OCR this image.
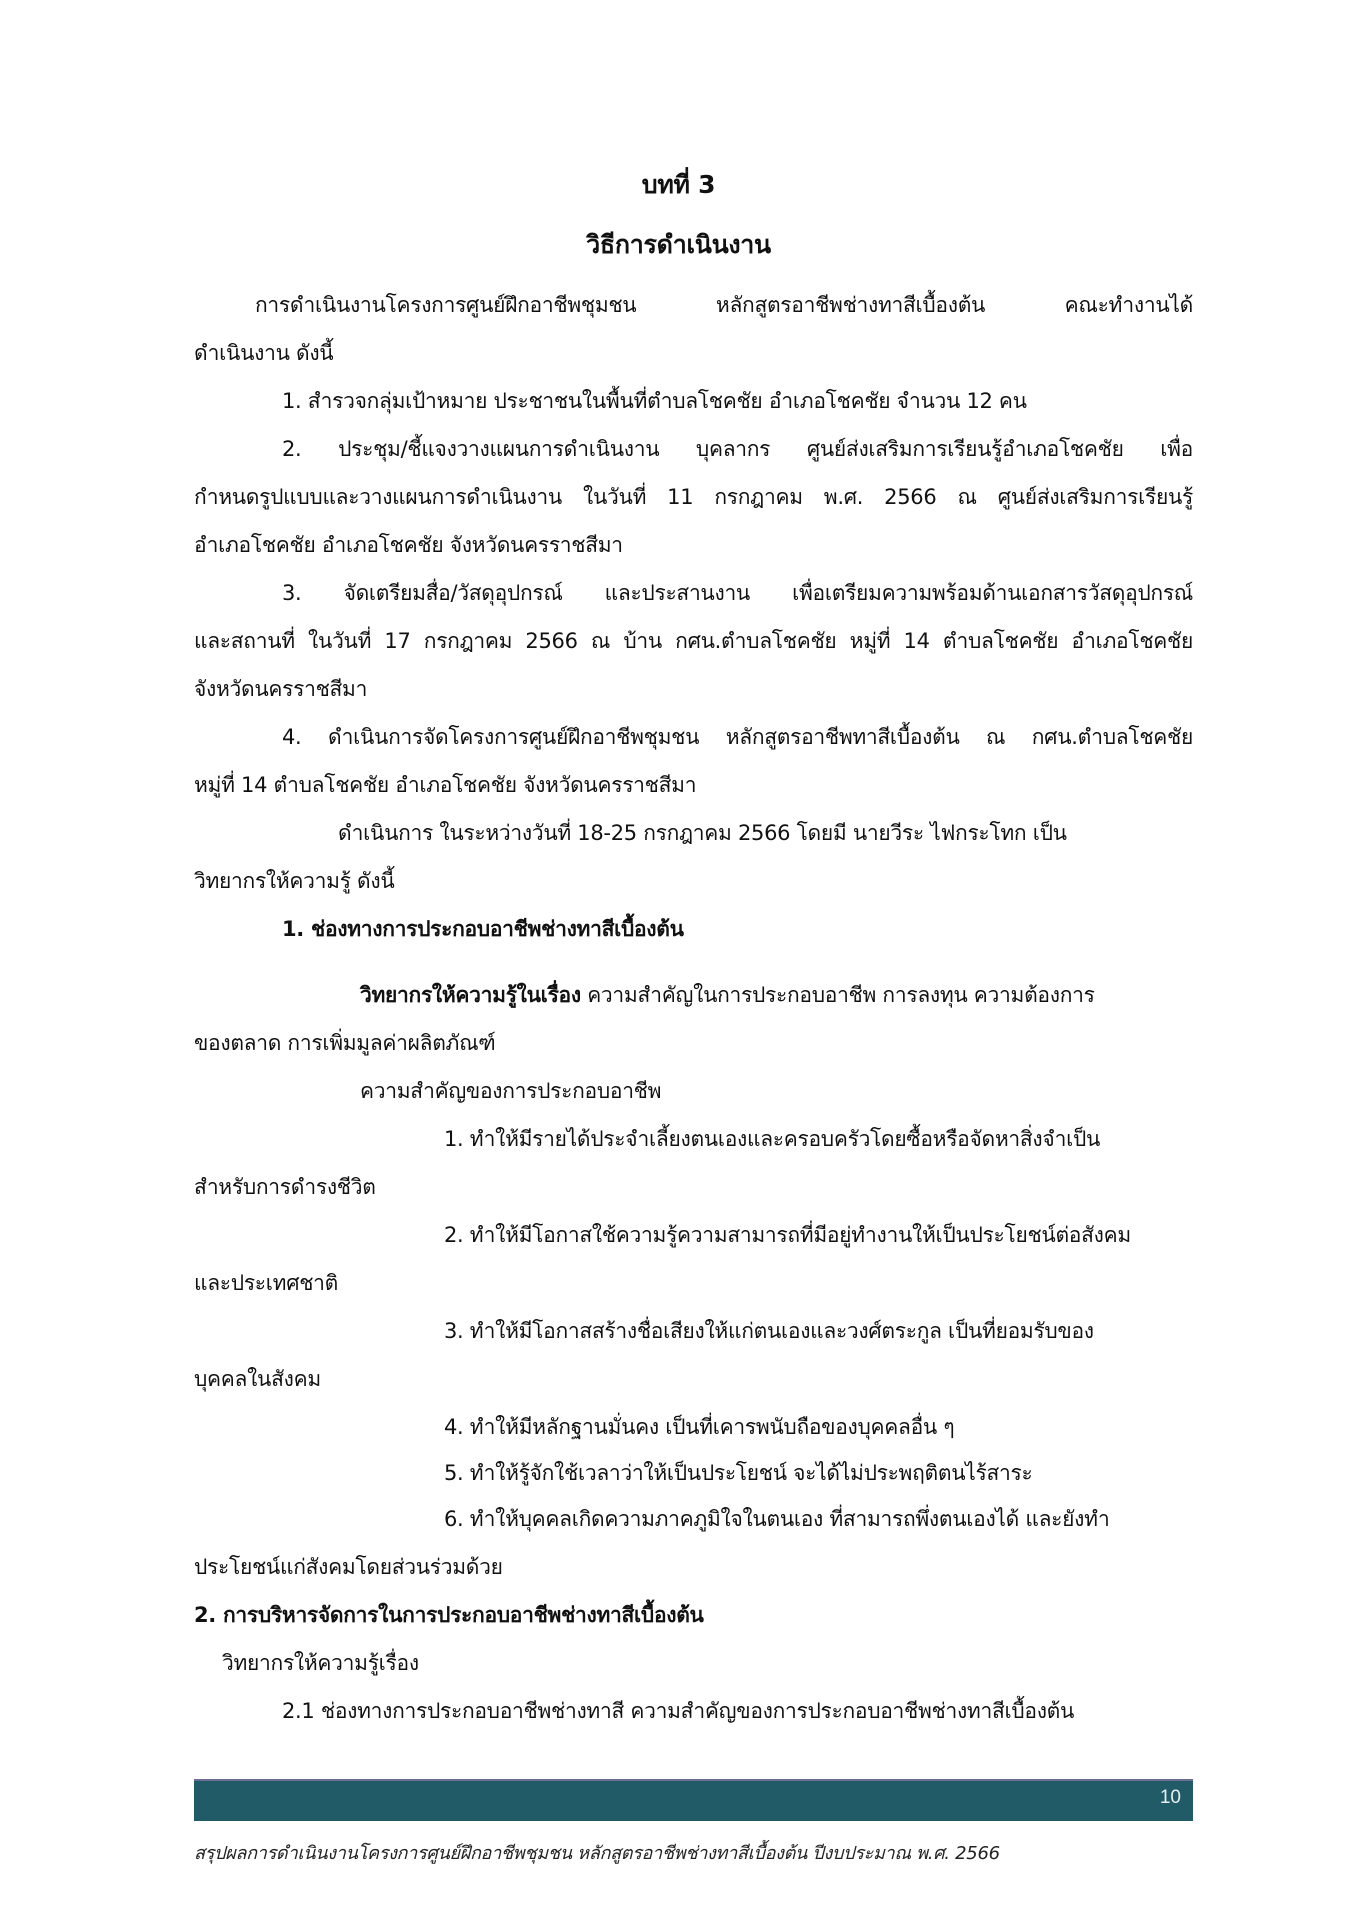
บทที่ 3
วิธีการดำเนินงาน
การดำเนินงานโครงการศูนย์ฝึกอาชีพชุมชน หลักสูตรอาชีพช่างทาสีเบื้องต้น คณะทำงานได้
ดำเนินงาน ดังนี้
1. สำรวจกลุ่มเป้าหมาย ประชาชนในพื้นที่ตำบลโชคชัย อำเภอโชคชัย จำนวน 12 คน
2. ประชุม/ชี้แจงวางแผนการดำเนินงาน บุคลากร ศูนย์ส่งเสริมการเรียนรู้อำเภอโชคชัย เพื่อ
กำหนดรูปแบบและวางแผนการดำเนินงาน ในวันที่ 11 กรกฎาคม พ.ศ. 2566 ณ ศูนย์ส่งเสริมการเรียนรู้
อำเภอโชคชัย อำเภอโชคชัย จังหวัดนครราชสีมา
3. จัดเตรียมสื่อ/วัสดุอุปกรณ์ และประสานงาน เพื่อเตรียมความพร้อมด้านเอกสารวัสดุอุปกรณ์
และสถานที่ ในวันที่ 17 กรกฎาคม 2566 ณ บ้าน กศน.ตำบลโชคชัย หมู่ที่ 14 ตำบลโชคชัย อำเภอโชคชัย
จังหวัดนครราชสีมา
4. ดำเนินการจัดโครงการศูนย์ฝึกอาชีพชุมชน หลักสูตรอาชีพทาสีเบื้องต้น ณ กศน.ตำบลโชคชัย
หมู่ที่ 14 ตำบลโชคชัย อำเภอโชคชัย จังหวัดนครราชสีมา
ดำเนินการ ในระหว่างวันที่ 18-25 กรกฎาคม 2566 โดยมี นายวีระ ไฟกระโทก เป็น
วิทยากรให้ความรู้ ดังนี้
1. ช่องทางการประกอบอาชีพช่างทาสีเบื้องต้น
วิทยากรให้ความรู้ในเรื่อง ความสำคัญในการประกอบอาชีพ การลงทุน ความต้องการ
ของตลาด การเพิ่มมูลค่าผลิตภัณฑ์
ความสำคัญของการประกอบอาชีพ
1. ทำให้มีรายได้ประจำเลี้ยงตนเองและครอบครัวโดยซื้อหรือจัดหาสิ่งจำเป็น
สำหรับการดำรงชีวิต
2. ทำให้มีโอกาสใช้ความรู้ความสามารถที่มีอยู่ทำงานให้เป็นประโยชน์ต่อสังคม
และประเทศชาติ
3. ทำให้มีโอกาสสร้างชื่อเสียงให้แก่ตนเองและวงศ์ตระกูล เป็นที่ยอมรับของ
บุคคลในสังคม
4. ทำให้มีหลักฐานมั่นคง เป็นที่เคารพนับถือของบุคคลอื่น ๆ
5. ทำให้รู้จักใช้เวลาว่าให้เป็นประโยชน์ จะได้ไม่ประพฤติตนไร้สาระ
6. ทำให้บุคคลเกิดความภาคภูมิใจในตนเอง ที่สามารถพึ่งตนเองได้ และยังทำ
ประโยชน์แก่สังคมโดยส่วนร่วมด้วย
2. การบริหารจัดการในการประกอบอาชีพช่างทาสีเบื้องต้น
วิทยากรให้ความรู้เรื่อง
2.1 ช่องทางการประกอบอาชีพช่างทาสี ความสำคัญของการประกอบอาชีพช่างทาสีเบื้องต้น
10
สรุปผลการดำเนินงานโครงการศูนย์ฝึกอาชีพชุมชน หลักสูตรอาชีพช่างทาสีเบื้องต้น ปีงบประมาณ พ.ศ. 2566
